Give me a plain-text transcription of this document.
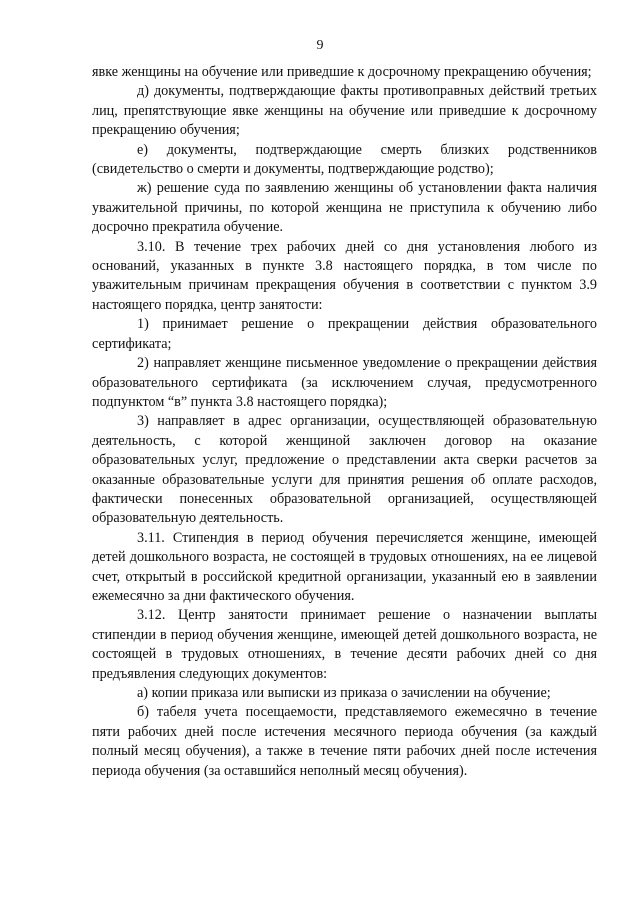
9

явке женщины на обучение или приведшие к досрочному прекращению обучения;

д) документы, подтверждающие факты противоправных действий третьих лиц, препятствующие явке женщины на обучение или приведшие к досрочному прекращению обучения;

е) документы, подтверждающие смерть близких родственников (свидетельство о смерти и документы, подтверждающие родство);

ж) решение суда по заявлению женщины об установлении факта наличия уважительной причины, по которой женщина не приступила к обучению либо досрочно прекратила обучение.

3.10. В течение трех рабочих дней со дня установления любого из оснований, указанных в пункте 3.8 настоящего порядка, в том числе по уважительным причинам прекращения обучения в соответствии с пунктом 3.9 настоящего порядка, центр занятости:

1) принимает решение о прекращении действия образовательного сертификата;

2) направляет женщине письменное уведомление о прекращении действия образовательного сертификата (за исключением случая, предусмотренного подпунктом “в” пункта 3.8 настоящего порядка);

3) направляет в адрес организации, осуществляющей образовательную деятельность, с которой женщиной заключен договор на оказание образовательных услуг, предложение о представлении акта сверки расчетов за оказанные образовательные услуги для принятия решения об оплате расходов, фактически понесенных образовательной организацией, осуществляющей образовательную деятельность.

3.11. Стипендия в период обучения перечисляется женщине, имеющей детей дошкольного возраста, не состоящей в трудовых отношениях, на ее лицевой счет, открытый в российской кредитной организации, указанный ею в заявлении ежемесячно за дни фактического обучения.

3.12. Центр занятости принимает решение о назначении выплаты стипендии в период обучения женщине, имеющей детей дошкольного возраста, не состоящей в трудовых отношениях, в течение десяти рабочих дней со дня предъявления следующих документов:

а) копии приказа или выписки из приказа о зачислении на обучение;

б) табеля учета посещаемости, представляемого ежемесячно в течение пяти рабочих дней после истечения месячного периода обучения (за каждый полный месяц обучения), а также в течение пяти рабочих дней после истечения периода обучения (за оставшийся неполный месяц обучения).
